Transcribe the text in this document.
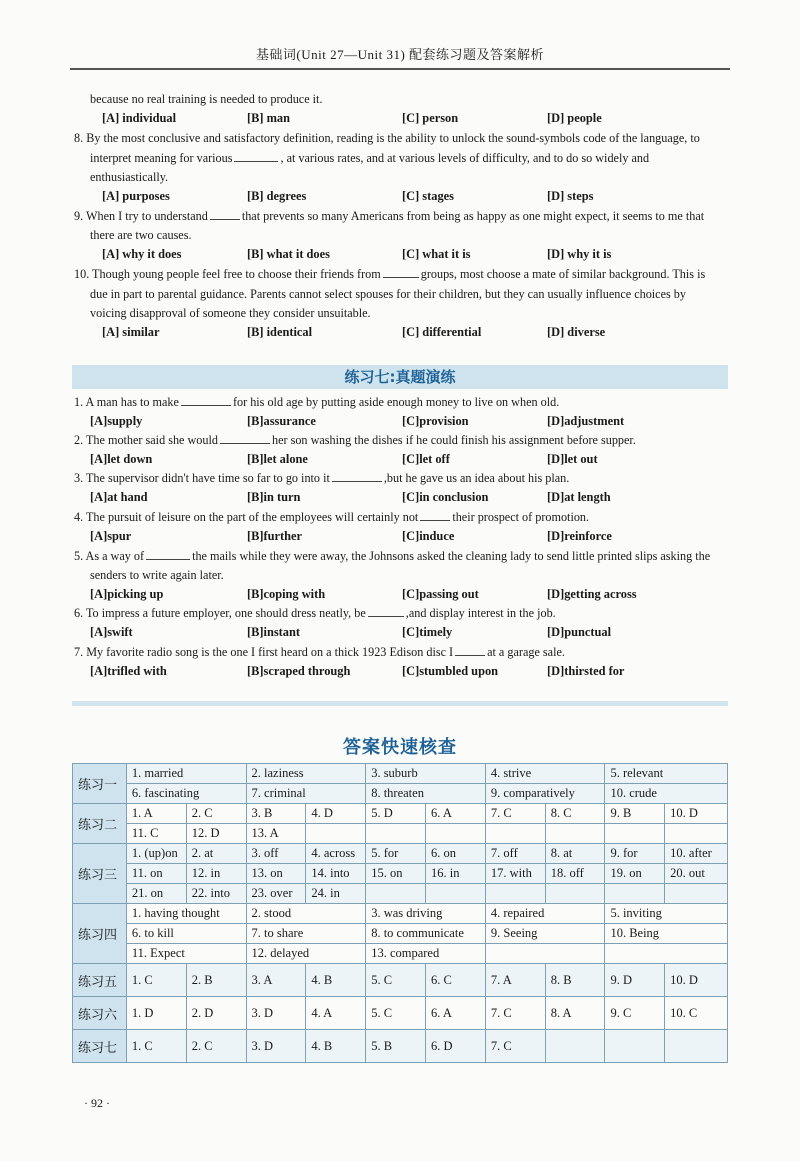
基础词(Unit 27—Unit 31) 配套练习题及答案解析
because no real training is needed to produce it.
[A] individual	[B] man	[C] person	[D] people
8. By the most conclusive and satisfactory definition, reading is the ability to unlock the sound-symbols code of the language, to
interpret meaning for various	, at various rates, and at various levels of difficulty, and to do so widely and
enthusiastically.
[A] purposes	[B] degrees	[C] stages	[D] steps
9. When I try to understand	that prevents so many Americans from being as happy as one might expect, it seems to me that
there are two causes.
[A] why it does	[B] what it does	[C] what it is	[D] why it is
10. Though young people feel free to choose their friends from	groups, most choose a mate of similar background. This is
due in part to parental guidance. Parents cannot select spouses for their children, but they can usually influence choices by
voicing disapproval of someone they consider unsuitable.
[A] similar	[B] identical	[C] differential	[D] diverse
练习七:真题演练
1. A man has to make	for his old age by putting aside enough money to live on when old.
[A]supply	[B]assurance	[C]provision	[D]adjustment
2. The mother said she would	her son washing the dishes if he could finish his assignment before supper.
[A]let down	[B]let alone	[C]let off	[D]let out
3. The supervisor didn't have time so far to go into it	,but he gave us an idea about his plan.
[A]at hand	[B]in turn	[C]in conclusion	[D]at length
4. The pursuit of leisure on the part of the employees will certainly not	their prospect of promotion.
[A]spur	[B]further	[C]induce	[D]reinforce
5. As a way of	the mails while they were away, the Johnsons asked the cleaning lady to send little printed slips asking the
senders to write again later.
[A]picking up	[B]coping with	[C]passing out	[D]getting across
6. To impress a future employer, one should dress neatly, be	,and display interest in the job.
[A]swift	[B]instant	[C]timely	[D]punctual
7. My favorite radio song is the one I first heard on a thick 1923 Edison disc I	at a garage sale.
[A]trifled with	[B]scraped through	[C]stumbled upon	[D]thirsted for
答案快速核查
练习一	1. married		2. laziness		3. suburb		4. strive		5. relevant	
	6. fascinating		7. criminal		8. threaten		9. comparatively		10. crude	
练习二	1. A	2. C	3. B	4. D	5. D	6. A	7. C	8. C	9. B	10. D
	11. C	12. D	13. A							
练习三	1. (up)on	2. at	3. off	4. across	5. for	6. on	7. off	8. at	9. for	10. after
	11. on	12. in	13. on	14. into	15. on	16. in	17. with	18. off	19. on	20. out
	21. on	22. into	23. over	24. in						
练习四	1. having thought		2. stood		3. was driving		4. repaired		5. inviting	
	6. to kill		7. to share		8. to communicate		9. Seeing		10. Being	
	11. Expect		12. delayed		13. compared					
练习五	1. C	2. B	3. A	4. B	5. C	6. C	7. A	8. B	9. D	10. D
练习六	1. D	2. D	3. D	4. A	5. C	6. A	7. C	8. A	9. C	10. C
练习七	1. C	2. C	3. D	4. B	5. B	6. D	7. C			
· 92 ·
